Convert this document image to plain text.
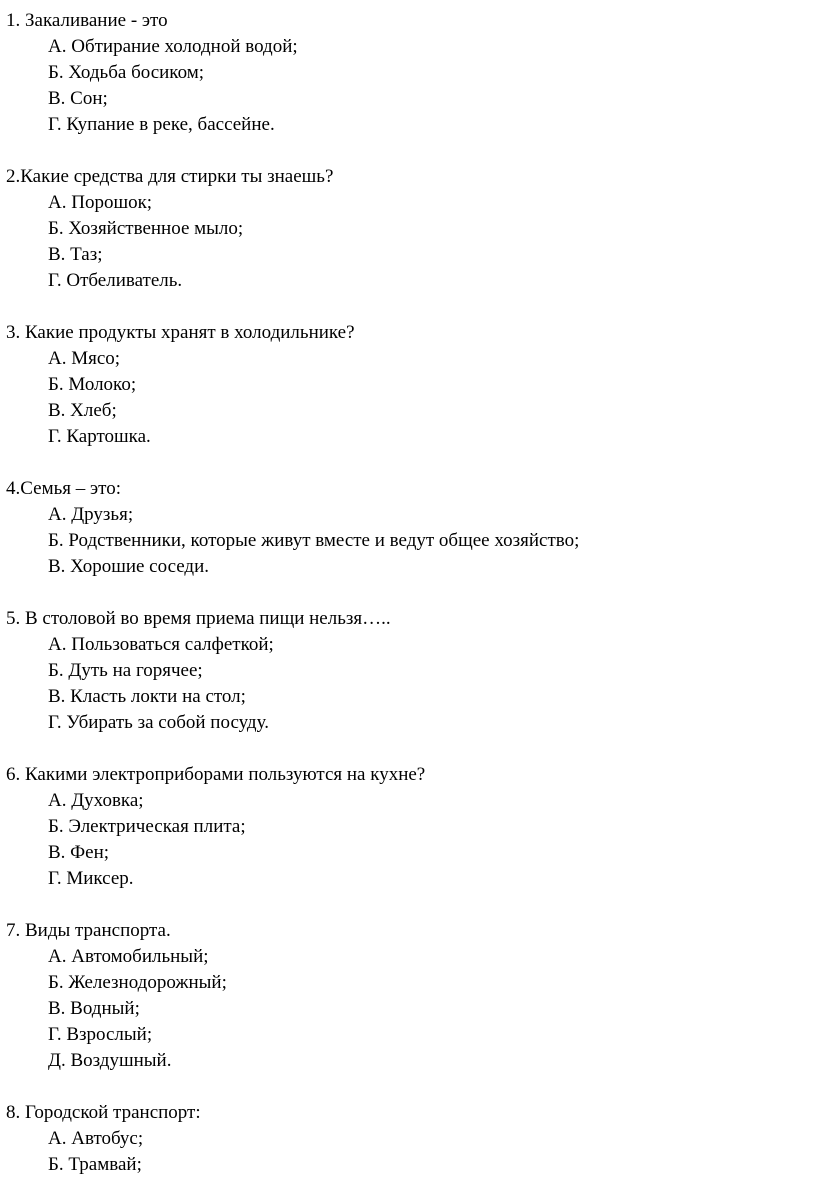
1. Закаливание - это

А. Обтирание холодной водой;

Б. Ходьба босиком;

В. Сон;

Г. Купание в реке, бассейне.

2.Какие средства для стирки ты знаешь?

А. Порошок;

Б. Хозяйственное мыло;

В. Таз;

Г. Отбеливатель.

3. Какие продукты хранят в холодильнике?

А. Мясо;

Б. Молоко;

В. Хлеб;

Г. Картошка.

4.Семья – это:

А. Друзья;

Б. Родственники, которые живут вместе и ведут общее хозяйство;

В. Хорошие соседи.

5. В столовой во время приема пищи нельзя…..

А. Пользоваться салфеткой;

Б. Дуть на горячее;

В. Класть локти на стол;

Г. Убирать за собой посуду.

6. Какими электроприборами пользуются на кухне?

А. Духовка;

Б. Электрическая плита;

В. Фен;

Г. Миксер.

7. Виды транспорта.

А. Автомобильный;

Б. Железнодорожный;

В. Водный;

Г. Взрослый;

Д. Воздушный.

8. Городской транспорт:

А. Автобус;

Б. Трамвай;
